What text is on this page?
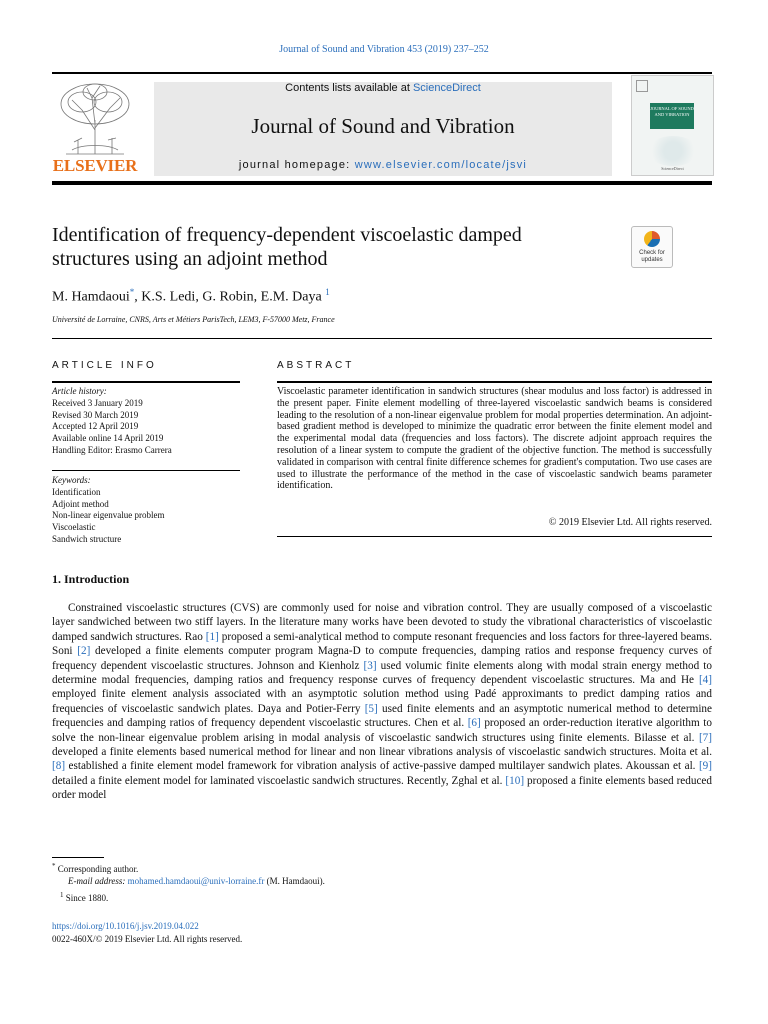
Journal of Sound and Vibration 453 (2019) 237–252
ELSEVIER
Contents lists available at ScienceDirect
Journal of Sound and Vibration
journal homepage: www.elsevier.com/locate/jsvi
JOURNAL OF SOUND AND VIBRATION
ScienceDirect
Identification of frequency-dependent viscoelastic damped
structures using an adjoint method	Check for
updates
M. Hamdaoui*, K.S. Ledi, G. Robin, E.M. Daya $^1$
Université de Lorraine, CNRS, Arts et Métiers ParisTech, LEM3, F-57000 Metz, France
ARTICLE INFO	ABSTRACT
Article history:
Received 3 January 2019
Revised 30 March 2019
Accepted 12 April 2019
Available online 14 April 2019
Handling Editor: Erasmo Carrera
Keywords:
Identification
Adjoint method
Non-linear eigenvalue problem
Viscoelastic
Sandwich structure
Viscoelastic parameter identification in sandwich structures (shear modulus and loss factor) is addressed in the present paper. Finite element modelling of three-layered viscoelastic sandwich beams is considered leading to the resolution of a non-linear eigenvalue problem for modal properties determination. An adjoint-based gradient method is developed to minimize the quadratic error between the finite element model and the experimental modal data (frequencies and loss factors). The discrete adjoint approach requires the resolution of a linear system to compute the gradient of the objective function. The method is successfully validated in comparison with central finite difference schemes for gradient's computation. Two use cases are used to illustrate the performance of the method in the case of viscoelastic sandwich beams parameter identification.
© 2019 Elsevier Ltd. All rights reserved.
1. Introduction

Constrained viscoelastic structures (CVS) are commonly used for noise and vibration control. They are usually composed of a viscoelastic layer sandwiched between two stiff layers. In the literature many works have been devoted to study the vibrational characteristics of viscoelastic damped sandwich structures. Rao [1] proposed a semi-analytical method to compute resonant frequencies and loss factors for three-layered beams. Soni [2] developed a finite elements computer program Magna-D to compute frequencies, damping ratios and response frequency curves of frequency dependent viscoelastic structures. Johnson and Kienholz [3] used volumic finite elements along with modal strain energy method to determine modal frequencies, damping ratios and frequency response curves of frequency dependent viscoelastic structures. Ma and He [4] employed finite element analysis associated with an asymptotic solution method using Padé approximants to predict damping ratios and frequencies of viscoelastic sandwich plates. Daya and Potier-Ferry [5] used finite elements and an asymptotic numerical method to determine frequencies and damping ratios of frequency dependent viscoelastic structures. Chen et al. [6] proposed an order-reduction iterative algorithm to solve the non-linear eigenvalue problem arising in modal analysis of viscoelastic sandwich structures using finite elements. Bilasse et al. [7] developed a finite elements based numerical method for linear and non linear vibrations analysis of viscoelastic sandwich structures. Moita et al. [8] established a finite element model framework for vibration analysis of active-passive damped multilayer sandwich plates. Akoussan et al. [9] detailed a finite element model for laminated viscoelastic sandwich structures. Recently, Zghal et al. [10] proposed a finite elements based reduced order model

* Corresponding author.
E-mail address: mohamed.hamdaoui@univ-lorraine.fr (M. Hamdaoui).
$^1$ Since 1880.
https://doi.org/10.1016/j.jsv.2019.04.022
0022-460X/© 2019 Elsevier Ltd. All rights reserved.
